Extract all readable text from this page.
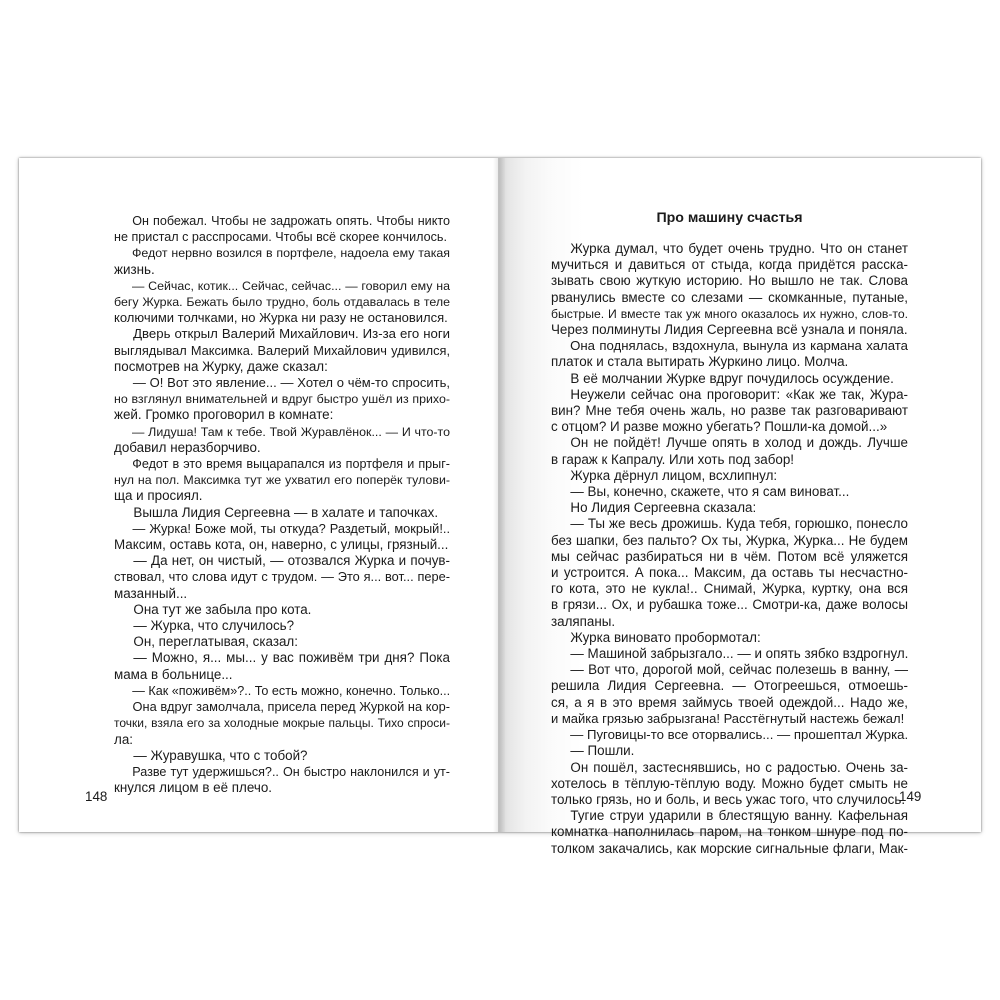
Он побежал. Чтобы не задрожать опять. Чтобы никто
не пристал с расспросами. Чтобы всё скорее кончилось.
Федот нервно возился в портфеле, надоела ему такая
жизнь.
— Сейчас, котик... Сейчас, сейчас... — говорил ему на
бегу Журка. Бежать было трудно, боль отдавалась в теле
колючими толчками, но Журка ни разу не остановился.
Дверь открыл Валерий Михайлович. Из-за его ноги
выглядывал Максимка. Валерий Михайлович удивился,
посмотрев на Журку, даже сказал:
— О! Вот это явление... — Хотел о чём-то спросить,
но взглянул внимательней и вдруг быстро ушёл из прихо-
жей. Громко проговорил в комнате:
— Лидуша! Там к тебе. Твой Журавлёнок... — И что-то
добавил неразборчиво.
Федот в это время выцарапался из портфеля и прыг-
нул на пол. Максимка тут же ухватил его поперёк тулови-
ща и просиял.
Вышла Лидия Сергеевна — в халате и тапочках.
— Журка! Боже мой, ты откуда? Раздетый, мокрый!..
Максим, оставь кота, он, наверно, с улицы, грязный...
— Да нет, он чистый, — отозвался Журка и почув-
ствовал, что слова идут с трудом. — Это я... вот... пере-
мазанный...
Она тут же забыла про кота.
— Журка, что случилось?
Он, переглатывая, сказал:
— Можно, я... мы... у вас поживём три дня? Пока
мама в больнице...
— Как «поживём»?.. То есть можно, конечно. Только...
Она вдруг замолчала, присела перед Журкой на кор-
точки, взяла его за холодные мокрые пальцы. Тихо спроси-
ла:
— Журавушка, что с тобой?
Разве тут удержишься?.. Он быстро наклонился и ут-
кнулся лицом в её плечо.
148
Про машину счастья
Журка думал, что будет очень трудно. Что он станет
мучиться и давиться от стыда, когда придётся расска-
зывать свою жуткую историю. Но вышло не так. Слова
рванулись вместе со слезами — скомканные, путаные,
быстрые. И вместе так уж много оказалось их нужно, слов-то.
Через полминуты Лидия Сергеевна всё узнала и поняла.
Она поднялась, вздохнула, вынула из кармана халата
платок и стала вытирать Журкино лицо. Молча.
В её молчании Журке вдруг почудилось осуждение.
Неужели сейчас она проговорит: «Как же так, Жура-
вин? Мне тебя очень жаль, но разве так разговаривают
с отцом? И разве можно убегать? Пошли-ка домой...»
Он не пойдёт! Лучше опять в холод и дождь. Лучше
в гараж к Капралу. Или хоть под забор!
Журка дёрнул лицом, всхлипнул:
— Вы, конечно, скажете, что я сам виноват...
Но Лидия Сергеевна сказала:
— Ты же весь дрожишь. Куда тебя, горюшко, понесло
без шапки, без пальто? Ох ты, Журка, Журка... Не будем
мы сейчас разбираться ни в чём. Потом всё уляжется
и устроится. А пока... Максим, да оставь ты несчастно-
го кота, это не кукла!.. Снимай, Журка, куртку, она вся
в грязи... Ох, и рубашка тоже... Смотри-ка, даже волосы
заляпаны.
Журка виновато пробормотал:
— Машиной забрызгало... — и опять зябко вздрогнул.
— Вот что, дорогой мой, сейчас полезешь в ванну, —
решила Лидия Сергеевна. — Отогреешься, отмоешь-
ся, а я в это время займусь твоей одеждой... Надо же,
и майка грязью забрызгана! Расстёгнутый настежь бежал!
— Пуговицы-то все оторвались... — прошептал Журка.
— Пошли.
Он пошёл, застеснявшись, но с радостью. Очень за-
хотелось в тёплую-тёплую воду. Можно будет смыть не
только грязь, но и боль, и весь ужас того, что случилось.
Тугие струи ударили в блестящую ванну. Кафельная
комнатка наполнилась паром, на тонком шнуре под по-
толком закачались, как морские сигнальные флаги, Мак-
149
